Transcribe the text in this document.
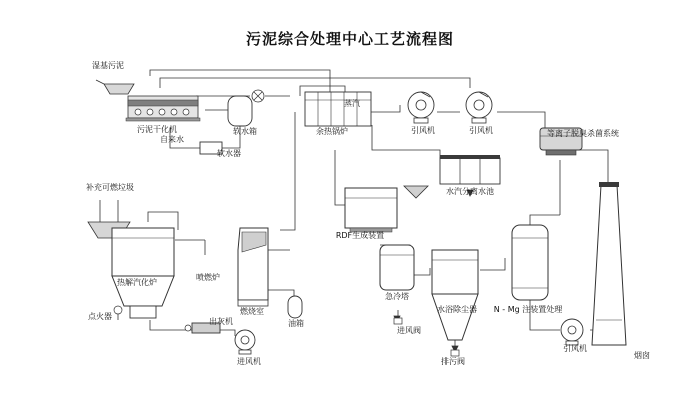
污泥综合处理中心工艺流程图
湿基污泥
污泥干化机
自来水
软水箱
软水器
蒸汽
余热锅炉	引风机	引风机	等离子脱臭杀菌系统
水汽分离水池
补充可燃垃圾
RDF生成装置
热解汽化炉
喷燃炉
燃烧室
急冷塔
水浴除尘器 N - Mg 注装置处理
点火器
出灰机	油箱
进风机
进风阀
排污阀
引风机
烟囱
